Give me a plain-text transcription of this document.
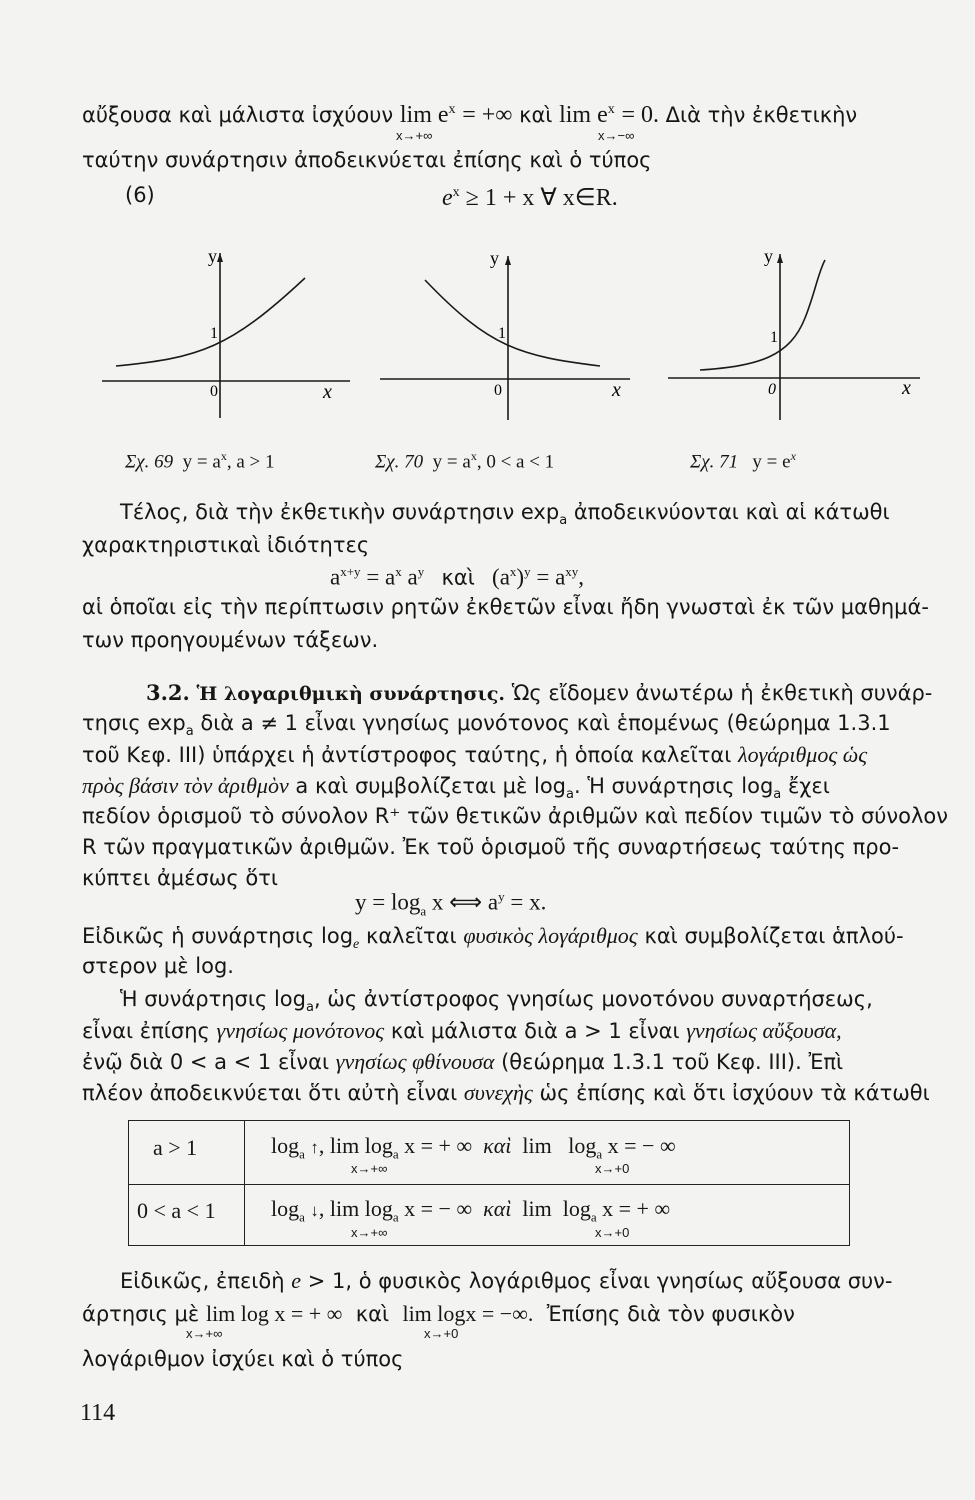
αὔξουσα καὶ μάλιστα ἰσχύουν $\lim e^x$ = +∞ καὶ $\lim e^x = 0$. Διὰ τὴν ἐκθετικὴν
x→+∞	x→−∞
ταύτην συνάρτησιν ἀποδεικνύεται ἐπίσης καὶ ὁ τύπος
(6)	$e^x \ge 1 + x$ ∀ x∈R.
y
1
0	x
y
1
0	x
y
1
0	x
Σχ. 69 $y = a^x$, a > 1	Σχ. 70 $y = a^x$, 0 < a < 1	Σχ. 71 $y = e^x$
Τέλος, διὰ τὴν ἐκθετικὴν συνάρτησιν $\exp_a$ ἀποδεικνύονται καὶ αἱ κάτωθι
χαρακτηριστικαὶ ἰδιότητες
$a^{x+y} = a^x$ $a^y$ καὶ $(a^x)^y = a^{xy}$,
αἱ ὁποῖαι εἰς τὴν περίπτωσιν ρητῶν ἐκθετῶν εἶναι ἤδη γνωσταὶ ἐκ τῶν μαθημά-
των προηγουμένων τάξεων.
3.2. Ἡ λογαριθμικὴ συνάρτησις. Ὡς εἴδομεν ἀνωτέρω ἡ ἐκθετικὴ συνάρ-
τησις $\exp_a$ διὰ a ≠ 1 εἶναι γνησίως μονότονος καὶ ἑπομένως (θεώρημα 1.3.1
τοῦ Κεφ. III) ὑπάρχει ἡ ἀντίστροφος ταύτης, ἡ ὁποία καλεῖται λογάριθμος ὡς
πρὸς βάσιν τὸν ἀριθμὸν a καὶ συμβολίζεται μὲ $\log_a$. Ἡ συνάρτησις $\log_a$ ἔχει
πεδίον ὁρισμοῦ τὸ σύνολον R⁺ τῶν θετικῶν ἀριθμῶν καὶ πεδίον τιμῶν τὸ σύνολον
R τῶν πραγματικῶν ἀριθμῶν. Ἐκ τοῦ ὁρισμοῦ τῆς συναρτήσεως ταύτης προ-
κύπτει ἀμέσως ὅτι
$y = \log_a x$ ⟺ $a^y = x$.
Εἰδικῶς ἡ συνάρτησις $\log_e$ καλεῖται φυσικὸς λογάριθμος καὶ συμβολίζεται ἁπλού-
στερον μὲ log.
Ἡ συνάρτησις $\log_a$, ὡς ἀντίστροφος γνησίως μονοτόνου συναρτήσεως,
εἶναι ἐπίσης γνησίως μονότονος καὶ μάλιστα διὰ a > 1 εἶναι γνησίως αὔξουσα,
ἐνῷ διὰ 0 < a < 1 εἶναι γνησίως φθίνουσα (θεώρημα 1.3.1 τοῦ Κεφ. III). Ἐπὶ
πλέον ἀποδεικνύεται ὅτι αὐτὴ εἶναι συνεχὴς ὡς ἐπίσης καὶ ὅτι ἰσχύουν τὰ κάτωθι
a > 1	$\log_a$ ↑, $\lim \log_a x$ = + ∞ καὶ $\lim \log_a x$ = − ∞
x→+∞	x→+0
0 < a < 1	$\log_a$ ↓, $\lim \log_a x$ = − ∞ καὶ $\lim \log_a x$ = + ∞
x→+∞	x→+0
Εἰδικῶς, ἐπειδὴ e > 1, ὁ φυσικὸς λογάριθμος εἶναι γνησίως αὔξουσα συν-
άρτησις μὲ lim log x = + ∞ καὶ lim logx = −∞. Ἐπίσης διὰ τὸν φυσικὸν
x→+∞	x→+0
λογάριθμον ἰσχύει καὶ ὁ τύπος
114
